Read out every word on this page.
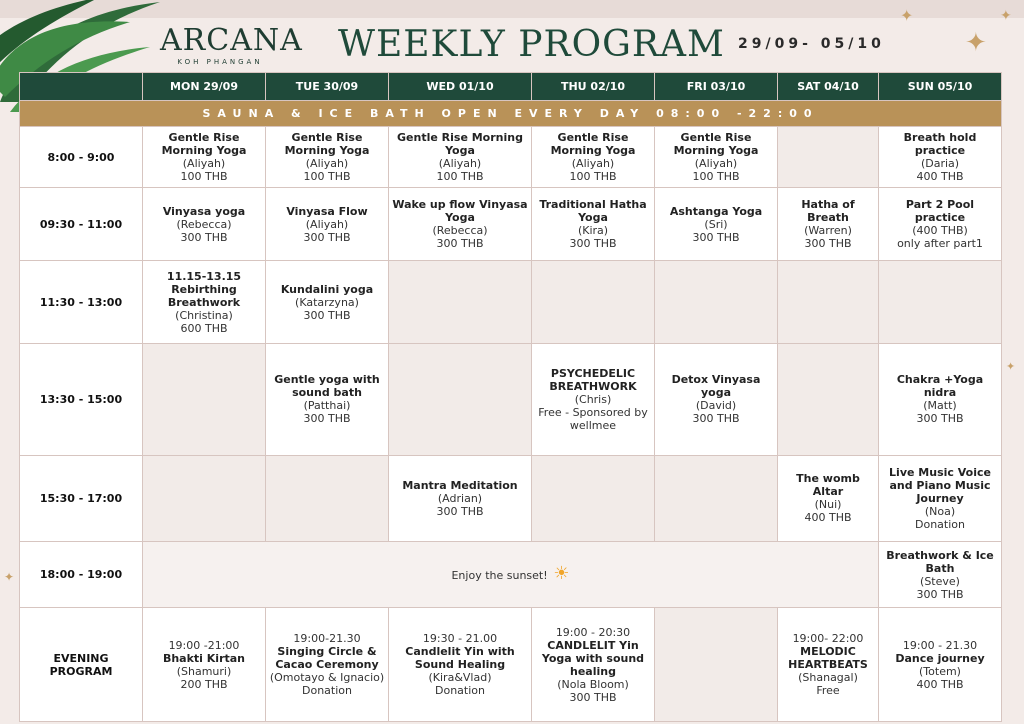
ARCANA
KOH PHANGAN	WEEKLY PROGRAM 29/09- 05/10
✦
✦
✦
✦
✦
	MON 29/09	TUE 30/09	WED 01/10	THU 02/10	FRI 03/10	SAT 04/10	SUN 05/10
SAUNA & ICE BATH OPEN EVERY DAY 08:00 -22:00							
8:00 - 9:00	Gentle Rise Morning Yoga
(Aliyah)
100 THB	Gentle Rise Morning Yoga
(Aliyah)
100 THB	Gentle Rise Morning Yoga
(Aliyah)
100 THB	Gentle Rise Morning Yoga
(Aliyah)
100 THB	Gentle Rise Morning Yoga
(Aliyah)
100 THB		Breath hold practice
(Daria)
400 THB

09:30 - 11:00	Vinyasa yoga
(Rebecca)
300 THB	Vinyasa Flow
(Aliyah)
300 THB	Wake up flow Vinyasa Yoga
(Rebecca)
300 THB	Traditional Hatha Yoga
(Kira)
300 THB	Ashtanga Yoga
(Sri)
300 THB	Hatha of Breath
(Warren)
300 THB	Part 2 Pool practice
(400 THB)
only after part1

11:30 - 13:00	11.15-13.15 Rebirthing Breathwork
(Christina)
600 THB	Kundalini yoga
(Katarzyna)
300 THB					

13:30 - 15:00		Gentle yoga with sound bath
(Patthai)
300 THB		PSYCHEDELIC BREATHWORK
(Chris)
Free - Sponsored by wellmee	Detox Vinyasa yoga
(David)
300 THB		Chakra +Yoga nidra
(Matt)
300 THB

15:30 - 17:00			Mantra Meditation
(Adrian)
300 THB			The womb Altar
(Nui)
400 THB	Live Music Voice and Piano Music Journey
(Noa)
Donation

18:00 - 19:00	Enjoy the sunset! ☀						Breathwork & Ice Bath
(Steve)
300 THB

EVENING PROGRAM	19:00 -21:00
Bhakti Kirtan
(Shamuri)
200 THB	19:00-21.30
Singing Circle & Cacao Ceremony
(Omotayo & Ignacio)
Donation	19:30 - 21.00
Candlelit Yin with Sound Healing
(Kira&Vlad)
Donation	19:00 - 20:30
CANDLELIT Yin Yoga with sound healing
(Nola Bloom)
300 THB		19:00- 22:00
MELODIC HEARTBEATS
(Shanagal)
Free	19:00 - 21.30
Dance journey
(Totem)
400 THB
